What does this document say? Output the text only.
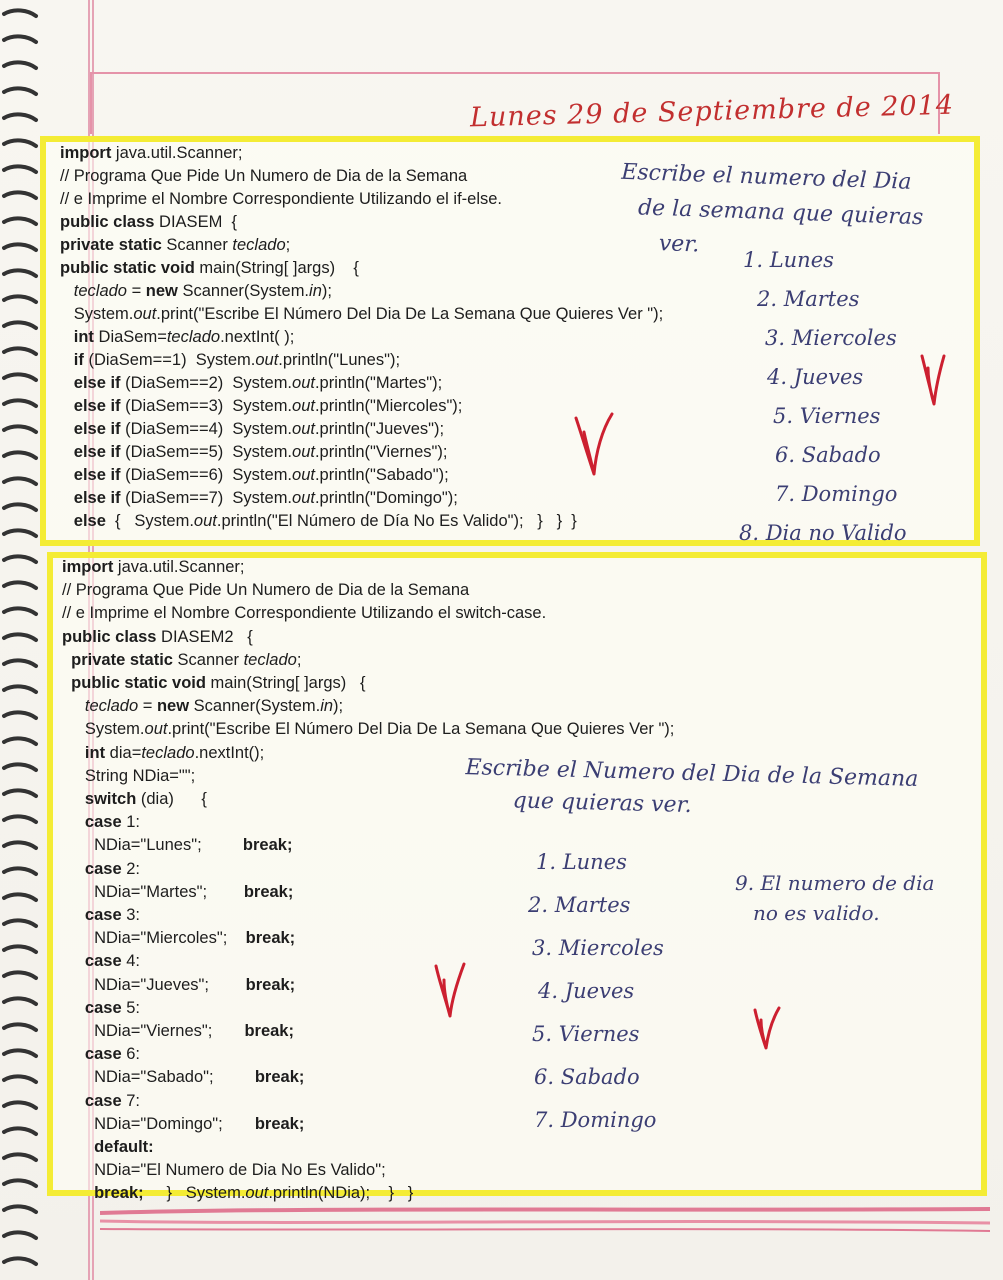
Lunes 29 de Septiembre de 2014
import java.util.Scanner;
// Programa Que Pide Un Numero de Dia de la Semana
// e Imprime el Nombre Correspondiente Utilizando el if-else.
public class DIASEM  {
private static Scanner teclado;
public static void main(String[ ]args)    {
teclado = new Scanner(System.in);
System.out.print("Escribe El Número Del Dia De La Semana Que Quieres Ver ");
int DiaSem=teclado.nextInt( );
if (DiaSem==1)  System.out.println("Lunes");
else if (DiaSem==2)  System.out.println("Martes");
else if (DiaSem==3)  System.out.println("Miercoles");
else if (DiaSem==4)  System.out.println("Jueves");
else if (DiaSem==5)  System.out.println("Viernes");
else if (DiaSem==6)  System.out.println("Sabado");
else if (DiaSem==7)  System.out.println("Domingo");
else  {   System.out.println("El Número de Día No Es Valido");   }   }  }
Escribe el numero del Dia
de la semana que quieras
ver.
1. Lunes
2. Martes
3. Miercoles
4. Jueves
5. Viernes
6. Sabado
7. Domingo
8. Dia no Valido
import java.util.Scanner;
// Programa Que Pide Un Numero de Dia de la Semana
// e Imprime el Nombre Correspondiente Utilizando el switch-case.
public class DIASEM2   {
private static Scanner teclado;
public static void main(String[ ]args)   {
teclado = new Scanner(System.in);
System.out.print("Escribe El Número Del Dia De La Semana Que Quieres Ver ");
int dia=teclado.nextInt();
String NDia="";
switch (dia)      {
case 1:
NDia="Lunes";         break;
case 2:
NDia="Martes";        break;
case 3:
NDia="Miercoles";    break;
case 4:
NDia="Jueves";        break;
case 5:
NDia="Viernes";       break;
case 6:
NDia="Sabado";         break;
case 7:
NDia="Domingo";       break;
default:
NDia="El Numero de Dia No Es Valido";
break;     }   System.out.println(NDia);    }   }
Escribe el Numero del Dia de la Semana
que quieras ver.
1. Lunes
2. Martes
3. Miercoles
4. Jueves
5. Viernes
6. Sabado
7. Domingo
9. El numero de dia
no es valido.
